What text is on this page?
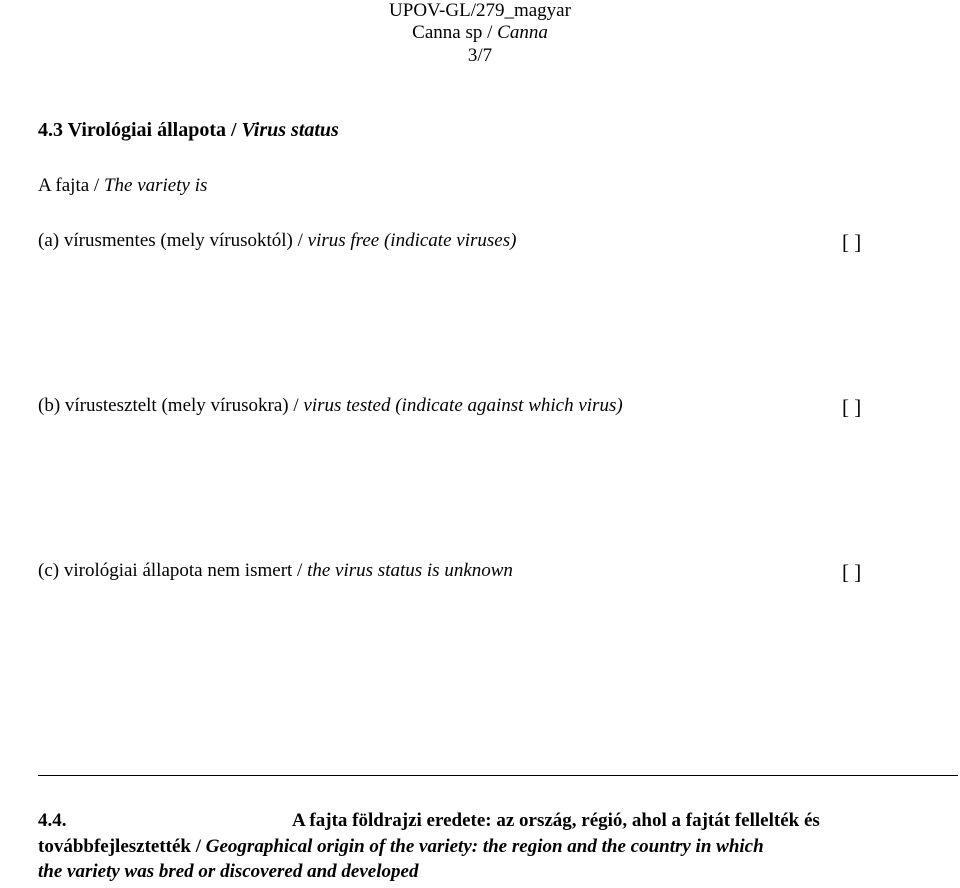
UPOV-GL/279_magyar
Canna sp / Canna
3/7
4.3 Virológiai állapota / Virus status
A fajta / The variety is
(a) vírusmentes (mely vírusoktól) / virus free (indicate viruses)	[ ]
(b) vírustesztelt (mely vírusokra) / virus tested (indicate against which virus)	[ ]
(c) virológiai állapota nem ismert / the virus status is unknown	[ ]
4.4.	A fajta földrajzi eredete: az ország, régió, ahol a fajtát fellelték és
továbbfejlesztették / Geographical origin of the variety: the region and the country in which
the variety was bred or discovered and developed
